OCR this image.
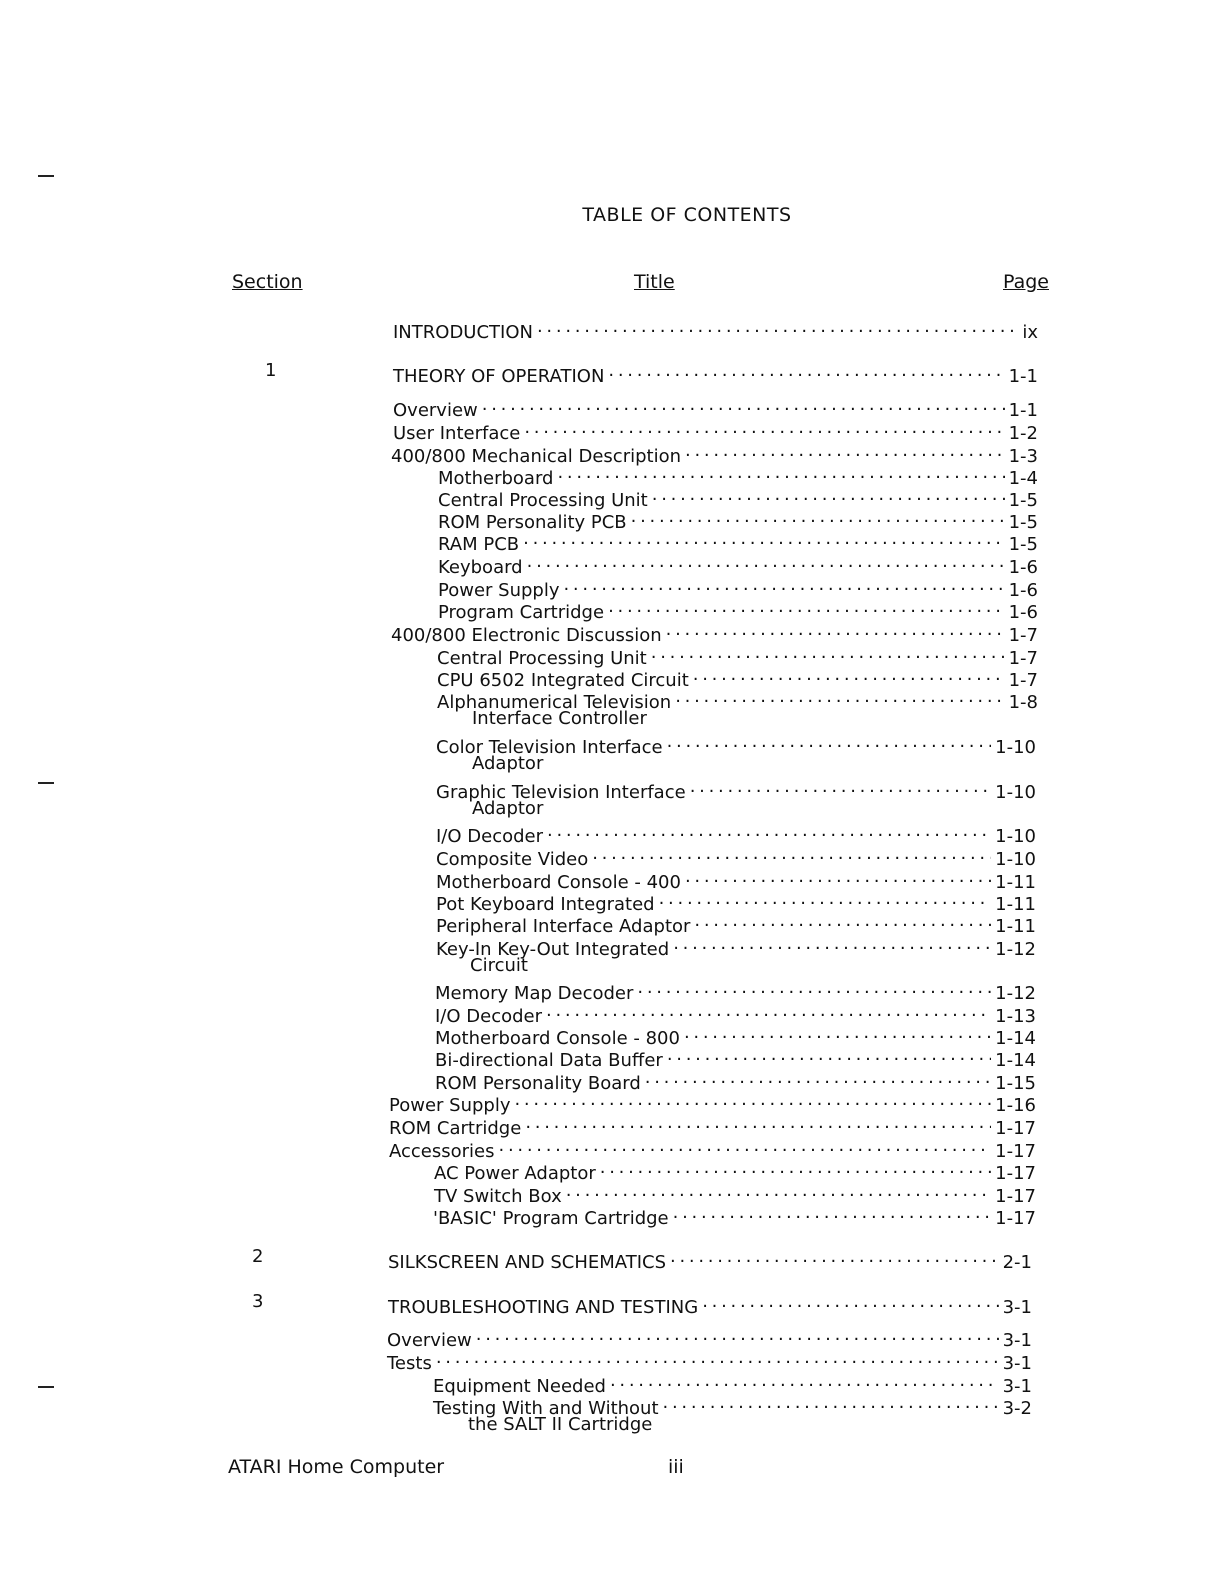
TABLE OF CONTENTS
Section	Title	Page
INTRODUCTION . . .	ix
1	THEORY OF OPERATION . . .	1-1
Overview . . .	1-1
User Interface . . .	1-2
400/800 Mechanical Description . . .	1-3
Motherboard . . .	1-4
Central Processing Unit . . .	1-5
ROM Personality PCB . . .	1-5
RAM PCB . . .	1-5
Keyboard . . .	1-6
Power Supply . . .	1-6
Program Cartridge . . .	1-6
400/800 Electronic Discussion . . .	1-7
Central Processing Unit . . .	1-7
CPU 6502 Integrated Circuit . . .	1-7
Alphanumerical Television . . .	1-8
Interface Controller
Color Television Interface . . .	1-10
Adaptor
Graphic Television Interface . . .	1-10
Adaptor
I/O Decoder . . .	1-10
Composite Video . . .	1-10
Motherboard Console - 400 . . .	1-11
Pot Keyboard Integrated . . .	1-11
Peripheral Interface Adaptor . . .	1-11
Key-In Key-Out Integrated . . .	1-12
Circuit
Memory Map Decoder . . .	1-12
I/O Decoder . . .	1-13
Motherboard Console - 800 . . .	1-14
Bi-directional Data Buffer . . .	1-14
ROM Personality Board . . .	1-15
Power Supply . . .	1-16
ROM Cartridge . . .	1-17
Accessories . . .	1-17
AC Power Adaptor . . .	1-17
TV Switch Box . . .	1-17
'BASIC' Program Cartridge . . .	1-17
2	SILKSCREEN AND SCHEMATICS . . .	2-1
3	TROUBLESHOOTING AND TESTING . . .	3-1
Overview . . .	3-1
Tests . . .	3-1
Equipment Needed . . .	3-1
Testing With and Without . . .	3-2
the SALT II Cartridge
ATARI Home Computer	iii
